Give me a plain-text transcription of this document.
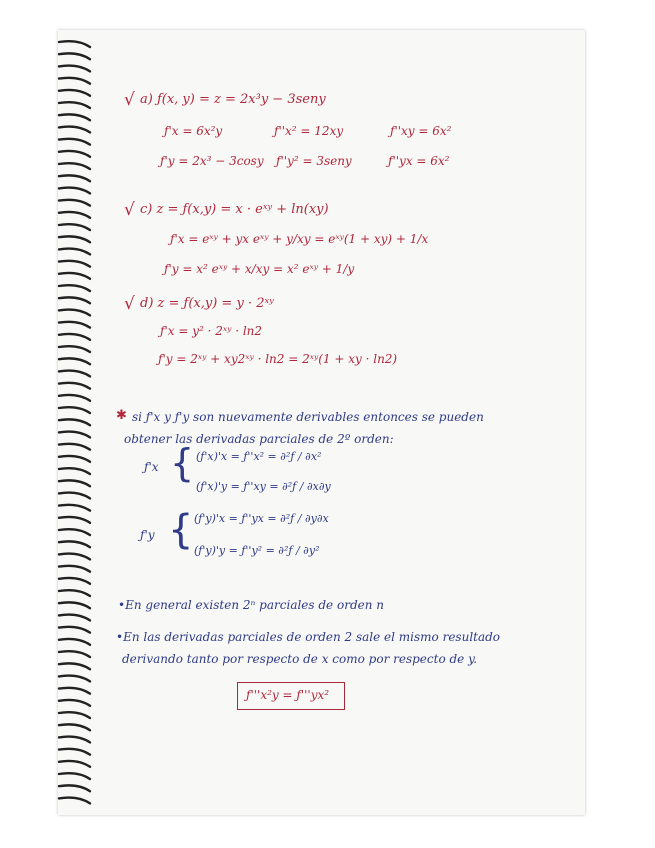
√ a) ƒ(x, y) = z = 2x³y − 3seny
ƒ'x = 6x²y	ƒ''x² = 12xy	ƒ''xy = 6x²
ƒ'y = 2x³ − 3cosy ƒ''y² = 3seny	ƒ''yx = 6x²
√ c) z = ƒ(x,y) = x · eˣʸ + ln(xy)
ƒ'x = eˣʸ + yx eˣʸ + y/xy = eˣʸ(1 + xy) + 1/x
ƒ'y = x² eˣʸ + x/xy = x² eˣʸ + 1/y
√ d) z = ƒ(x,y) = y · 2ˣʸ
ƒ'x = y² · 2ˣʸ · ln2
ƒ'y = 2ˣʸ + xy2ˣʸ · ln2 = 2ˣʸ(1 + xy · ln2)
✱ si ƒ'x y ƒ'y son nuevamente derivables entonces se pueden
obtener las derivadas parciales de 2º orden:
ƒ'x { (ƒ'x)'x = ƒ''x² = ∂²ƒ / ∂x²
(ƒ'x)'y = ƒ''xy = ∂²ƒ / ∂x∂y
ƒ'y { (ƒ'y)'x = ƒ''yx = ∂²ƒ / ∂y∂x
(ƒ'y)'y = ƒ''y² = ∂²ƒ / ∂y²
•En general existen 2ⁿ parciales de orden n
•En las derivadas parciales de orden 2 sale el mismo resultado
derivando tanto por respecto de x como por respecto de y.
ƒ'''x²y = ƒ'''yx²
